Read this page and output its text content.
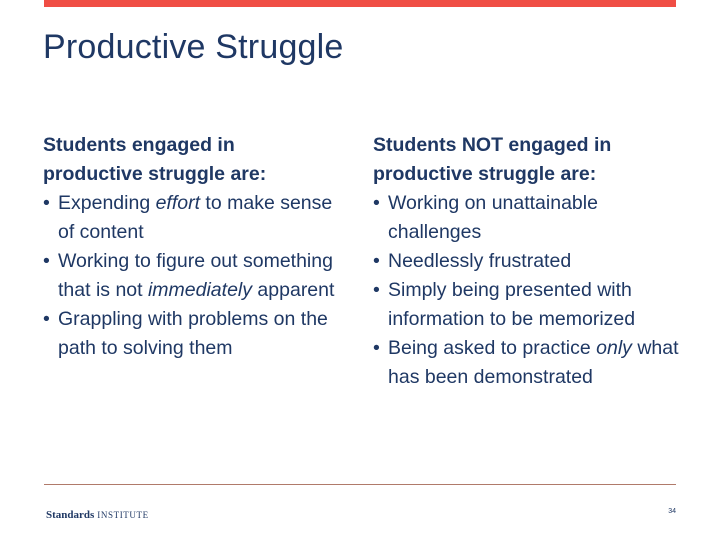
Productive Struggle

Students engaged in
productive struggle are:

• Expending effort to make sense of content
• Working to figure out something that is not immediately apparent
• Grappling with problems on the path to solving them

Students NOT engaged in
productive struggle are:

• Working on unattainable challenges
• Needlessly frustrated
• Simply being presented with information to be memorized
• Being asked to practice only what has been demonstrated
Standards INSTITUTE	34
